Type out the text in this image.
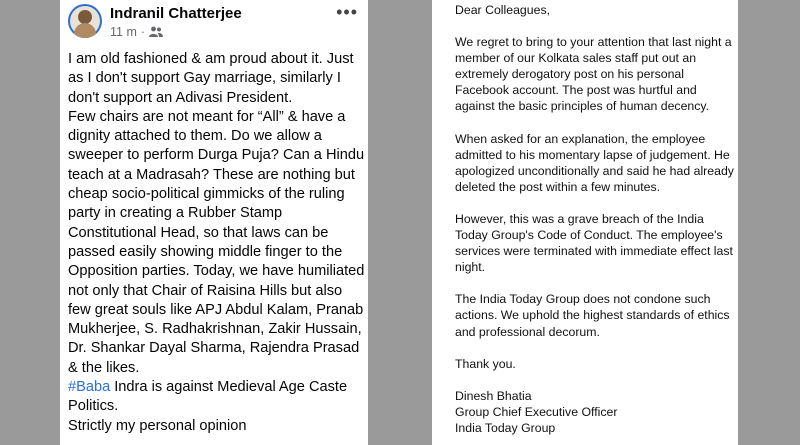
Indranil Chatterjee
11 m ·
•••
I am old fashioned & am proud about it. Just as I don't support Gay marriage, similarly I don't support an Adivasi President.
Few chairs are not meant for “All” & have a dignity attached to them. Do we allow a sweeper to perform Durga Puja? Can a Hindu teach at a Madrasah? These are nothing but cheap socio-political gimmicks of the ruling party in creating a Rubber Stamp Constitutional Head, so that laws can be passed easily showing middle finger to the Opposition parties. Today, we have humiliated not only that Chair of Raisina Hills but also few great souls like APJ Abdul Kalam, Pranab Mukherjee, S. Radhakrishnan, Zakir Hussain, Dr. Shankar Dayal Sharma, Rajendra Prasad & the likes.
#Baba Indra is against Medieval Age Caste Politics.
Strictly my personal opinion

Dear Colleagues,

We regret to bring to your attention that last night a member of our Kolkata sales staff put out an extremely derogatory post on his personal Facebook account. The post was hurtful and against the basic principles of human decency.

When asked for an explanation, the employee admitted to his momentary lapse of judgement. He apologized unconditionally and said he had already deleted the post within a few minutes.

However, this was a grave breach of the India Today Group's Code of Conduct. The employee's services were terminated with immediate effect last night.

The India Today Group does not condone such actions. We uphold the highest standards of ethics and professional decorum.

Thank you.

Dinesh Bhatia

Group Chief Executive Officer

India Today Group
